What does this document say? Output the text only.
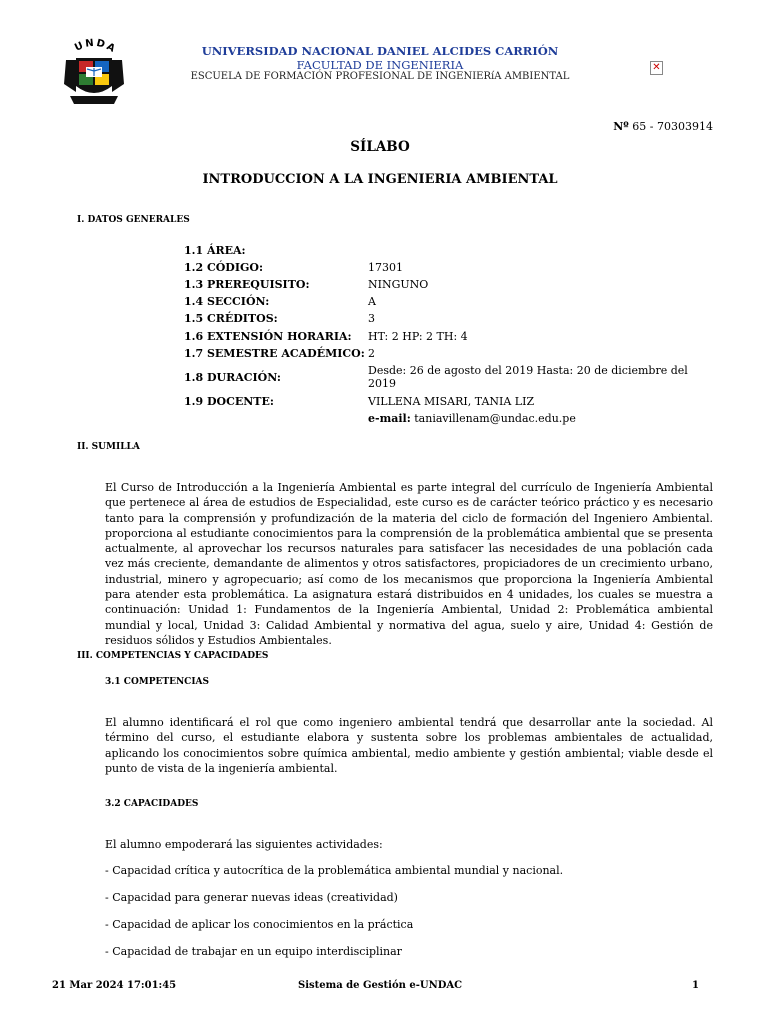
UNDA	UNIVERSIDAD NACIONAL DANIEL ALCIDES CARRIÓN
FACULTAD DE INGENIERIA
ESCUELA DE FORMACIÓN PROFESIONAL DE INGENIERíA AMBIENTAL
✕
Nº 65 - 70303914
SÍLABO
INTRODUCCION A LA INGENIERIA AMBIENTAL
I. DATOS GENERALES
1.1 ÁREA:
1.2 CÓDIGO:	17301
1.3 PREREQUISITO:	NINGUNO
1.4 SECCIÓN:	A
1.5 CRÉDITOS:	3
1.6 EXTENSIÓN HORARIA:	HT: 2 HP: 2 TH: 4
1.7 SEMESTRE ACADÉMICO: 2
1.8 DURACIÓN:
Desde: 26 de agosto del 2019 Hasta: 20 de diciembre del 2019
1.9 DOCENTE:	VILLENA MISARI, TANIA LIZ
e-mail: taniavillenam@undac.edu.pe
II. SUMILLA
El Curso de Introducción a la Ingeniería Ambiental es parte integral del currículo de Ingeniería Ambiental que pertenece al área de estudios de Especialidad, este curso es de carácter teórico práctico y es necesario tanto para la comprensión y profundización de la materia del ciclo de formación del Ingeniero Ambiental. proporciona al estudiante conocimientos para la comprensión de la problemática ambiental que se presenta actualmente, al aprovechar los recursos naturales para satisfacer las necesidades de una población cada vez más creciente, demandante de alimentos y otros satisfactores, propiciadores de un crecimiento urbano, industrial, minero y agropecuario; así como de los mecanismos que proporciona la Ingeniería Ambiental para atender esta problemática. La asignatura estará distribuidos en 4 unidades, los cuales se muestra a continuación: Unidad 1: Fundamentos de la Ingeniería Ambiental, Unidad 2: Problemática ambiental mundial y local, Unidad 3: Calidad Ambiental y normativa del agua, suelo y aire, Unidad 4: Gestión de residuos sólidos y Estudios Ambientales.
III. COMPETENCIAS Y CAPACIDADES
3.1 COMPETENCIAS
El alumno identificará el rol que como ingeniero ambiental tendrá que desarrollar ante la sociedad. Al término del curso, el estudiante elabora y sustenta sobre los problemas ambientales de actualidad, aplicando los conocimientos sobre química ambiental, medio ambiente y gestión ambiental; viable desde el punto de vista de la ingeniería ambiental.
3.2 CAPACIDADES
El alumno empoderará las siguientes actividades:
- Capacidad crítica y autocrítica de la problemática ambiental mundial y nacional.
- Capacidad para generar nuevas ideas (creatividad)
- Capacidad de aplicar los conocimientos en la práctica
- Capacidad de trabajar en un equipo interdisciplinar
21 Mar 2024 17:01:45	Sistema de Gestión e-UNDAC	1
